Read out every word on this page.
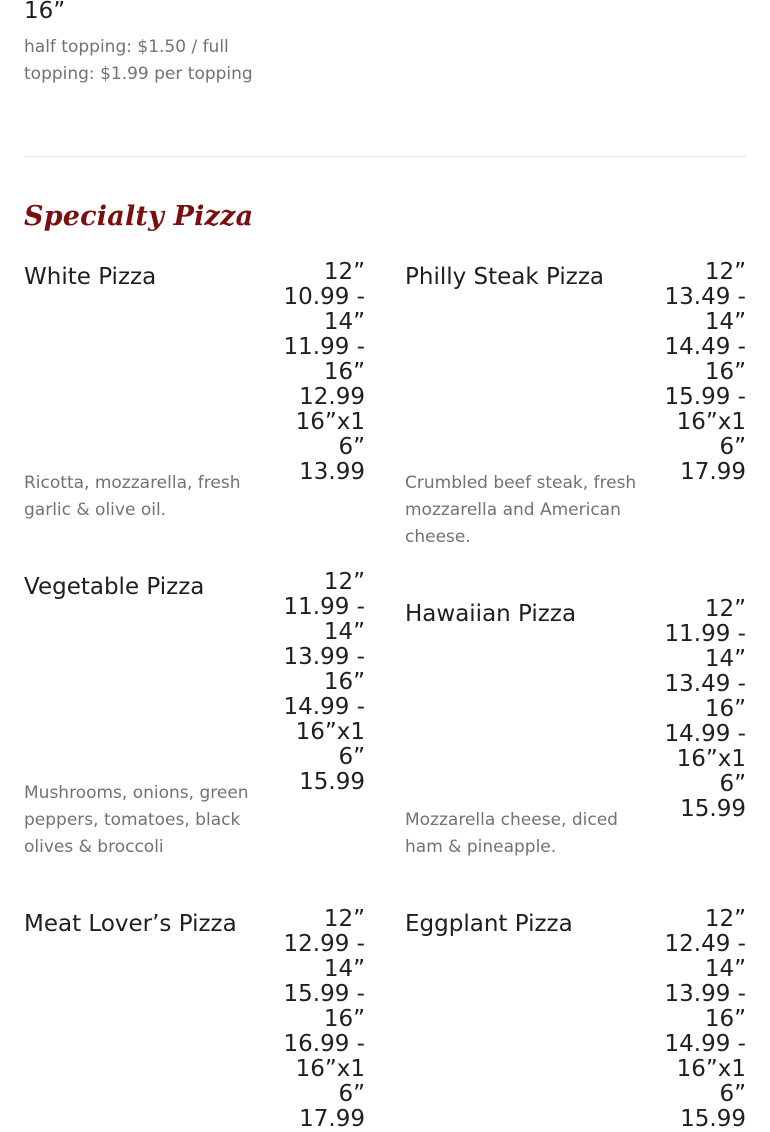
16”
half topping: $1.50 / full topping: $1.99 per topping
Specialty Pizza
White Pizza	12” 10.99 - 14” 11.99 - 16” 12.99 16”x16” 13.99
Ricotta, mozzarella, fresh garlic & olive oil.
Philly Steak Pizza	12” 13.49 - 14” 14.49 - 16” 15.99 - 16”x16” 17.99
Crumbled beef steak, fresh mozzarella and American cheese.
Vegetable Pizza	12” 11.99 - 14” 13.99 - 16” 14.99 - 16”x16” 15.99
Mushrooms, onions, green peppers, tomatoes, black olives & broccoli
Hawaiian Pizza	12” 11.99 - 14” 13.49 - 16” 14.99 - 16”x16” 15.99
Mozzarella cheese, diced ham & pineapple.
Meat Lover’s Pizza	12” 12.99 - 14” 15.99 - 16” 16.99 - 16”x16” 17.99
Eggplant Pizza	12” 12.49 - 14” 13.99 - 16” 14.99 - 16”x16” 15.99
